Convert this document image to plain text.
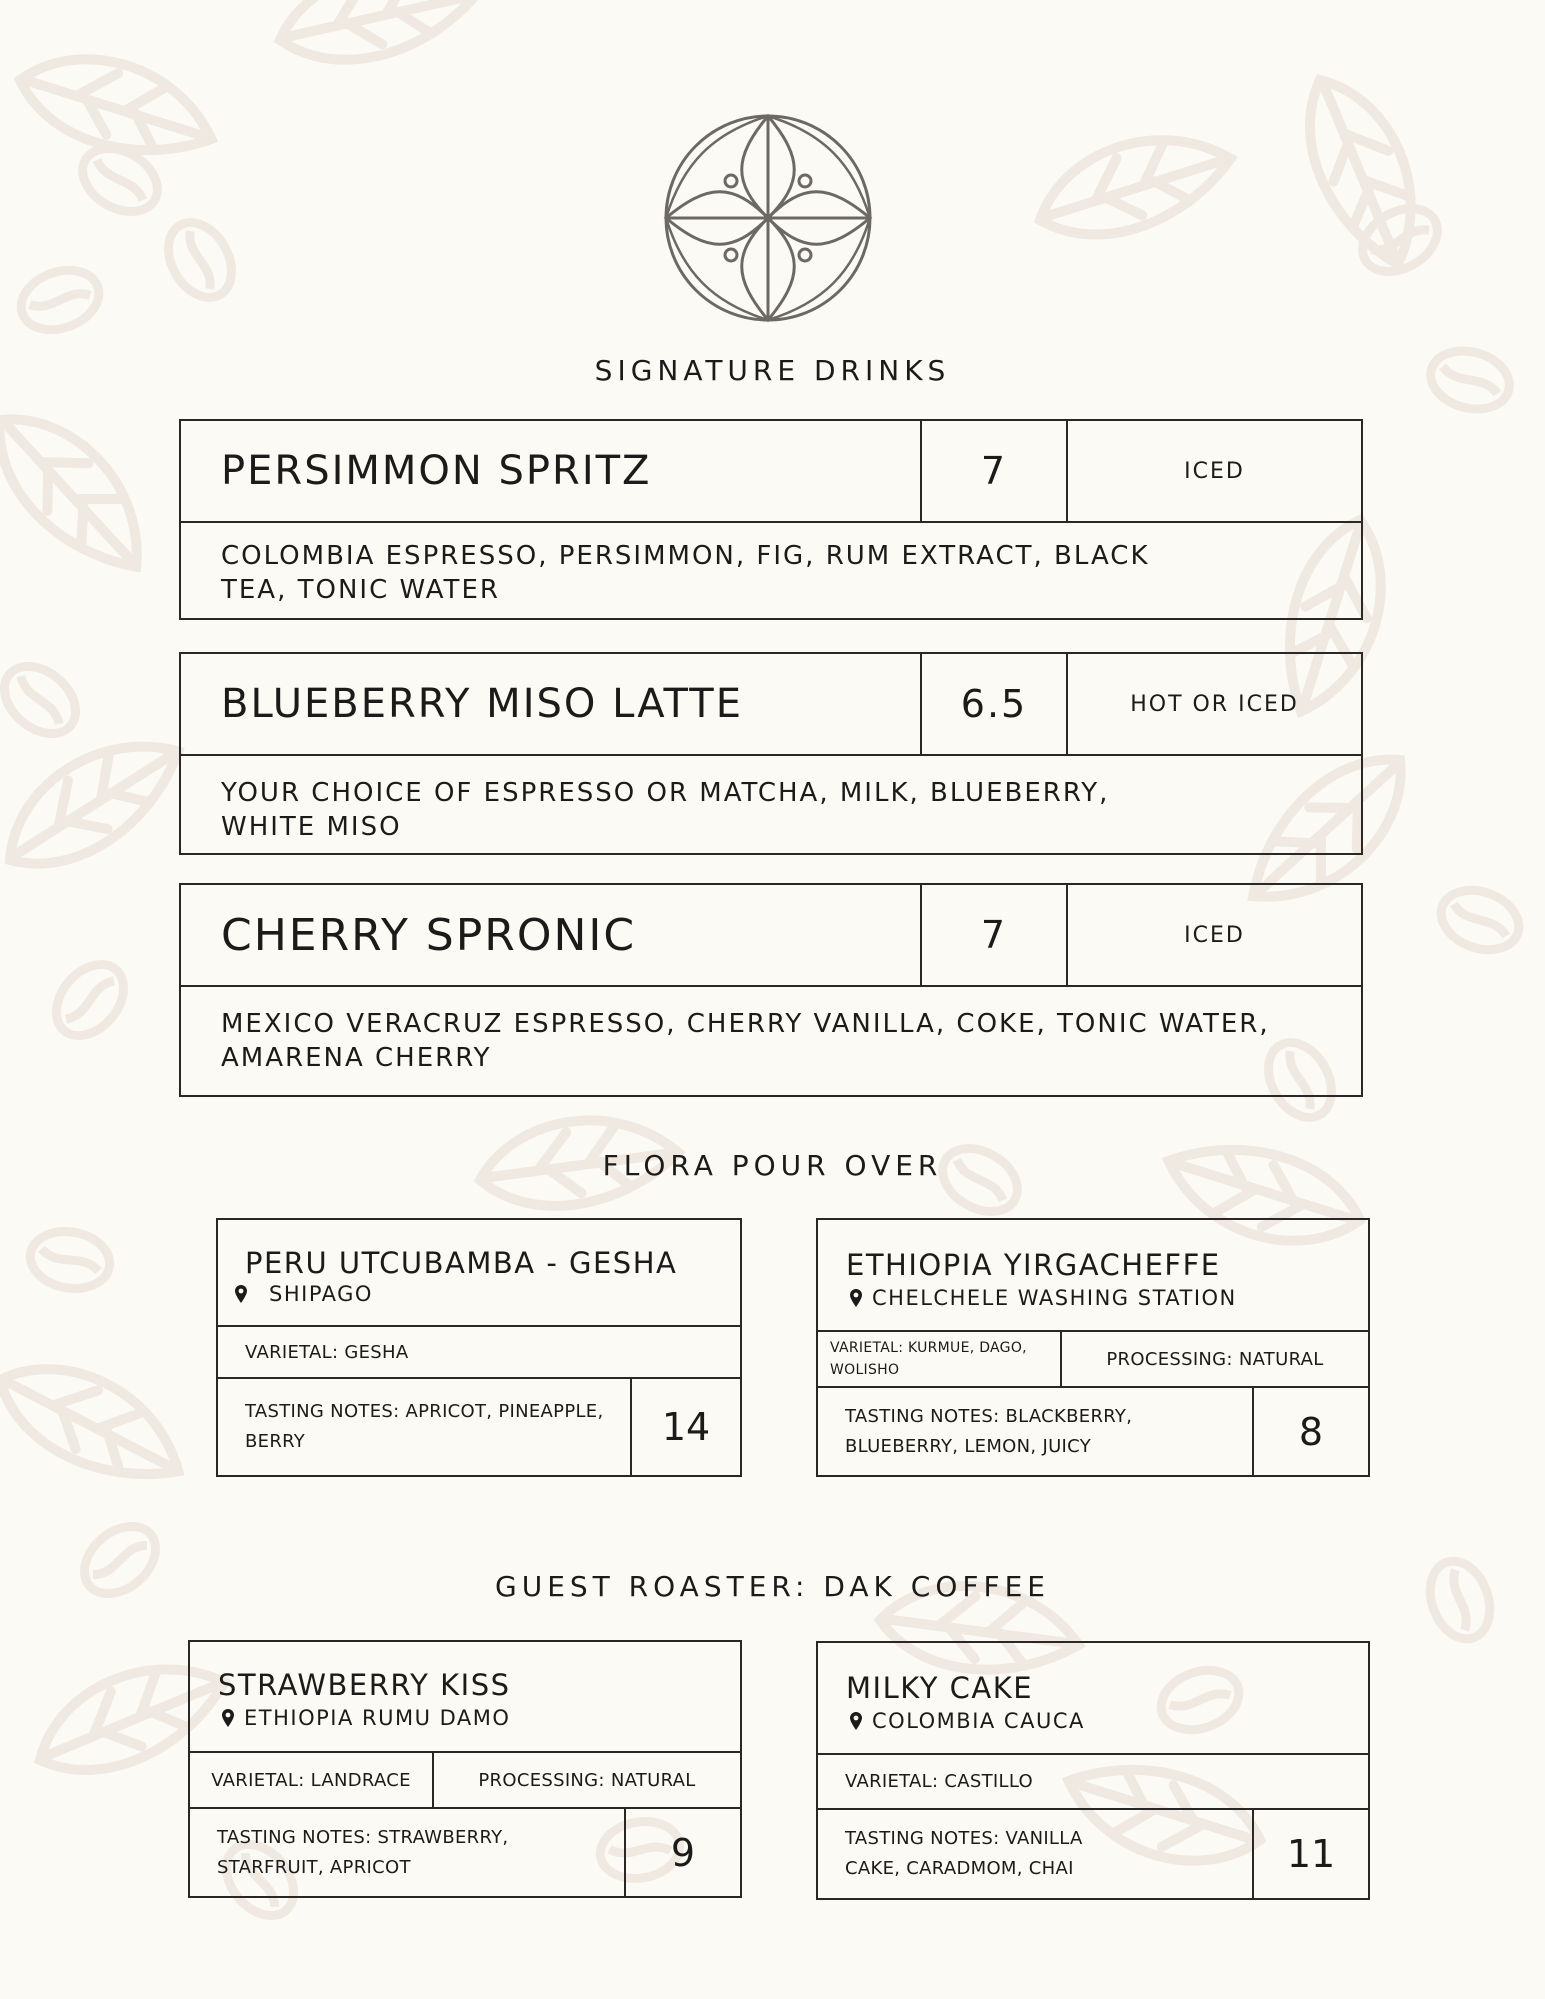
SIGNATURE DRINKS
PERSIMMON SPRITZ	7	ICED
COLOMBIA ESPRESSO, PERSIMMON, FIG, RUM EXTRACT, BLACK
TEA, TONIC WATER
BLUEBERRY MISO LATTE	6.5	HOT OR ICED
YOUR CHOICE OF ESPRESSO OR MATCHA, MILK, BLUEBERRY,
WHITE MISO
CHERRY SPRONIC	7	ICED
MEXICO VERACRUZ ESPRESSO, CHERRY VANILLA, COKE, TONIC WATER,
AMARENA CHERRY
FLORA POUR OVER
PERU UTCUBAMBA - GESHA
SHIPAGO
VARIETAL: GESHA
TASTING NOTES: APRICOT, PINEAPPLE,
BERRY	14
ETHIOPIA YIRGACHEFFE
CHELCHELE WASHING STATION
VARIETAL: KURMUE, DAGO,
WOLISHO
PROCESSING: NATURAL
TASTING NOTES: BLACKBERRY,
BLUEBERRY, LEMON, JUICY	8
GUEST ROASTER: DAK COFFEE
STRAWBERRY KISS
ETHIOPIA RUMU DAMO
VARIETAL: LANDRACE	PROCESSING: NATURAL
TASTING NOTES: STRAWBERRY,
STARFRUIT, APRICOT	9
MILKY CAKE
COLOMBIA CAUCA
VARIETAL: CASTILLO
TASTING NOTES: VANILLA
CAKE, CARADMOM, CHAI	11
